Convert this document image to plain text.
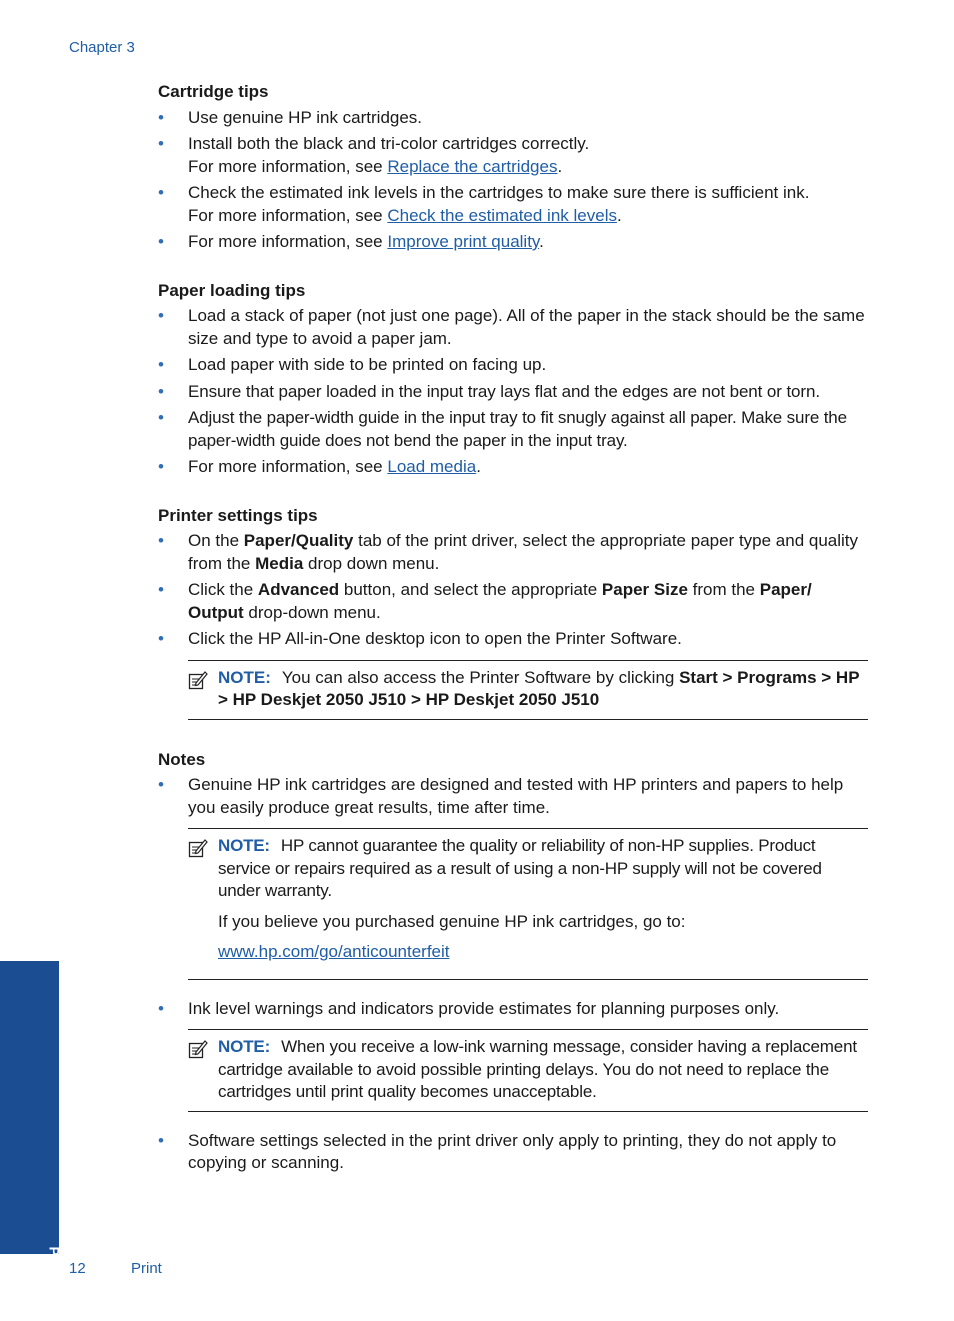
Chapter 3
Cartridge tips
• Use genuine HP ink cartridges.
• Install both the black and tri-color cartridges correctly.
For more information, see Replace the cartridges.
• Check the estimated ink levels in the cartridges to make sure there is sufficient ink.
For more information, see Check the estimated ink levels.
• For more information, see Improve print quality.
Paper loading tips
• Load a stack of paper (not just one page). All of the paper in the stack should be the same size and type to avoid a paper jam.
• Load paper with side to be printed on facing up.
• Ensure that paper loaded in the input tray lays flat and the edges are not bent or torn.
• Adjust the paper-width guide in the input tray to fit snugly against all paper. Make sure the paper-width guide does not bend the paper in the input tray.
• For more information, see Load media.
Printer settings tips
• On the Paper/Quality tab of the print driver, select the appropriate paper type and quality from the Media drop down menu.
• Click the Advanced button, and select the appropriate Paper Size from the Paper/ Output drop-down menu.
• Click the HP All-in-One desktop icon to open the Printer Software.

NOTE: You can also access the Printer Software by clicking Start > Programs > HP > HP Deskjet 2050 J510 > HP Deskjet 2050 J510

Notes
• Genuine HP ink cartridges are designed and tested with HP printers and papers to help you easily produce great results, time after time.

NOTE: HP cannot guarantee the quality or reliability of non-HP supplies. Product service or repairs required as a result of using a non-HP supply will not be covered under warranty.

If you believe you purchased genuine HP ink cartridges, go to:

www.hp.com/go/anticounterfeit

• Ink level warnings and indicators provide estimates for planning purposes only.

NOTE: When you receive a low-ink warning message, consider having a replacement cartridge available to avoid possible printing delays. You do not need to replace the cartridges until print quality becomes unacceptable.

• Software settings selected in the print driver only apply to printing, they do not apply to copying or scanning.
Print 12	Print
